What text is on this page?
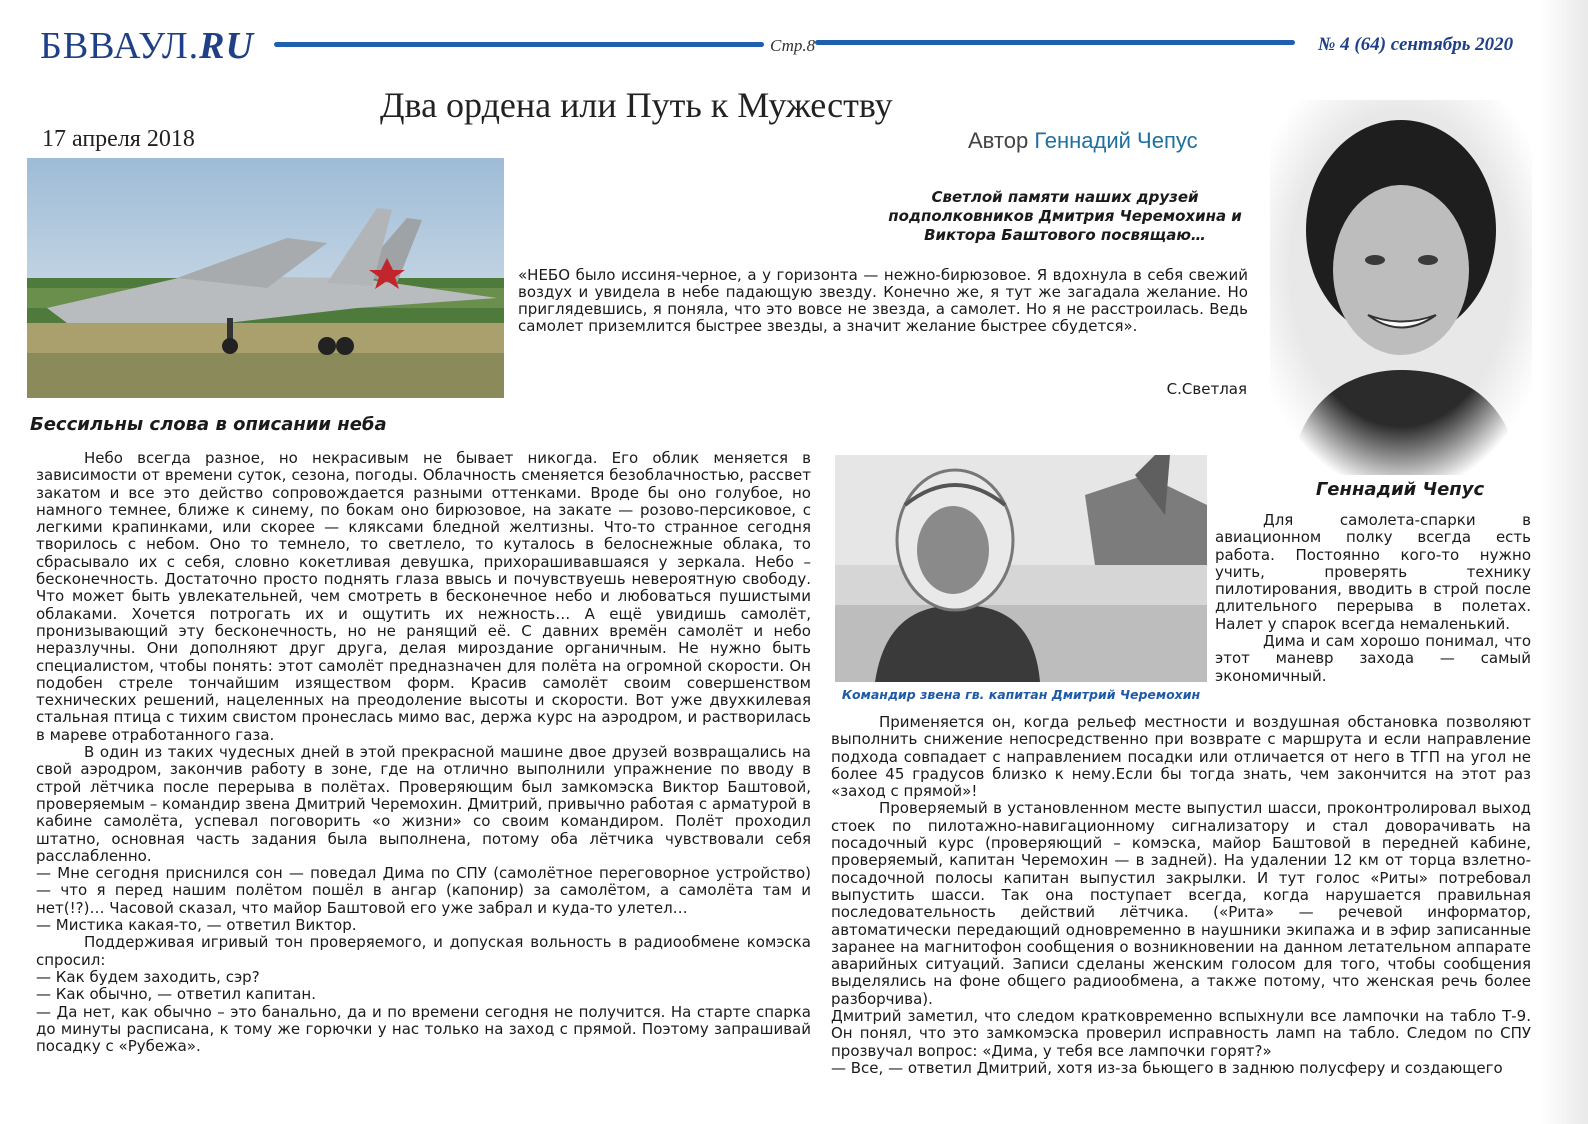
БВВАУЛ.RU	Стр.8	№ 4 (64) сентябрь 2020
Два ордена или Путь к Мужеству
17 апреля 2018	Автор Геннадий Чепус
Светлой памяти наших друзей подполковников Дмитрия Черемохина и Виктора Баштового посвящаю…
«НЕБО было иссиня-черное, а у горизонта — нежно-бирюзовое. Я вдохнула в себя свежий воздух и увидела в небе падающую звезду. Конечно же, я тут же загадала желание. Но приглядевшись, я поняла, что это вовсе не звезда, а самолет. Но я не расстроилась. Ведь самолет приземлится быстрее звезды, а значит желание быстрее сбудется».
С.Светлая
Геннадий Чепус
Бессильны слова в описании неба

Небо всегда разное, но некрасивым не бывает никогда. Его облик меняется в зависимости от времени суток, сезона, погоды. Облачность сменяется безоблачностью, рассвет закатом и все это действо сопровождается разными оттенками. Вроде бы оно голубое, но намного темнее, ближе к синему, по бокам оно бирюзовое, на закате — розово-персиковое, с легкими крапинками, или скорее — кляксами бледной желтизны. Что-то странное сегодня творилось с небом. Оно то темнело, то светлело, то куталось в белоснежные облака, то сбрасывало их с себя, словно кокетливая девушка, прихорашивавшаяся у зеркала. Небо – бесконечность. Достаточно просто поднять глаза ввысь и почувствуешь невероятную свободу. Что может быть увлекательней, чем смотреть в бесконечное небо и любоваться пушистыми облаками. Хочется потрогать их и ощутить их нежность… А ещё увидишь самолёт, пронизывающий эту бесконечность, но не ранящий её. С давних времён самолёт и небо неразлучны. Они дополняют друг друга, делая мироздание органичным. Не нужно быть специалистом, чтобы понять: этот самолёт предназначен для полёта на огромной скорости. Он подобен стреле тончайшим изяществом форм. Красив самолёт своим совершенством технических решений, нацеленных на преодоление высоты и скорости. Вот уже двухкилевая стальная птица с тихим свистом пронеслась мимо вас, держа курс на аэродром, и растворилась в мареве отработанного газа.

В один из таких чудесных дней в этой прекрасной машине двое друзей возвращались на свой аэродром, закончив работу в зоне, где на отлично выполнили упражнение по вводу в строй лётчика после перерыва в полётах. Проверяющим был замкомэска Виктор Баштовой, проверяемым – командир звена Дмитрий Черемохин. Дмитрий, привычно работая с арматурой в кабине самолёта, успевал поговорить «о жизни» со своим командиром. Полёт проходил штатно, основная часть задания была выполнена, потому оба лётчика чувствовали себя расслабленно.

— Мне сегодня приснился сон — поведал Дима по СПУ (самолётное переговорное устройство) — что я перед нашим полётом пошёл в ангар (капонир) за самолётом, а самолёта там и нет(!?)… Часовой сказал, что майор Баштовой его уже забрал и куда-то улетел…

— Мистика какая-то, — ответил Виктор.

Поддерживая игривый тон проверяемого, и допуская вольность в радиообмене комэска спросил:

— Как будем заходить, сэр?

— Как обычно, — ответил капитан.

— Да нет, как обычно – это банально, да и по времени сегодня не получится. На старте спарка до минуты расписана, к тому же горючки у нас только на заход с прямой. Поэтому запрашивай посадку с «Рубежа».

Командир звена гв. капитан Дмитрий Черемохин

Для самолета-спарки в авиационном полку всегда есть работа. Постоянно кого-то нужно учить, проверять технику пилотирования, вводить в строй после длительного перерыва в полетах. Налет у спарок всегда немаленький.

Дима и сам хорошо понимал, что этот маневр захода — самый экономичный.

Применяется он, когда рельеф местности и воздушная обстановка позволяют выполнить снижение непосредственно при возврате с маршрута и если направление подхода совпадает с направлением посадки или отличается от него в ТГП на угол не более 45 градусов близко к нему.Если бы тогда знать, чем закончится на этот раз «заход с прямой»!

Проверяемый в установленном месте выпустил шасси, проконтролировал выход стоек по пилотажно-навигационному сигнализатору и стал доворачивать на посадочный курс (проверяющий – комэска, майор Баштовой в передней кабине, проверяемый, капитан Черемохин — в задней). На удалении 12 км от торца взлетно-посадочной полосы капитан выпустил закрылки. И тут голос «Риты» потребовал выпустить шасси. Так она поступает всегда, когда нарушается правильная последовательность действий лётчика. («Рита» — речевой информатор, автоматически передающий одновременно в наушники экипажа и в эфир записанные заранее на магнитофон сообщения о возникновении на данном летательном аппарате аварийных ситуаций. Записи сделаны женским голосом для того, чтобы сообщения выделялись на фоне общего радиообмена, а также потому, что женская речь более разборчива).

Дмитрий заметил, что следом кратковременно вспыхнули все лампочки на табло Т-9. Он понял, что это замкомэска проверил исправность ламп на табло. Следом по СПУ прозвучал вопрос: «Дима, у тебя все лампочки горят?»

— Все, — ответил Дмитрий, хотя из-за бьющего в заднюю полусферу и создающего
